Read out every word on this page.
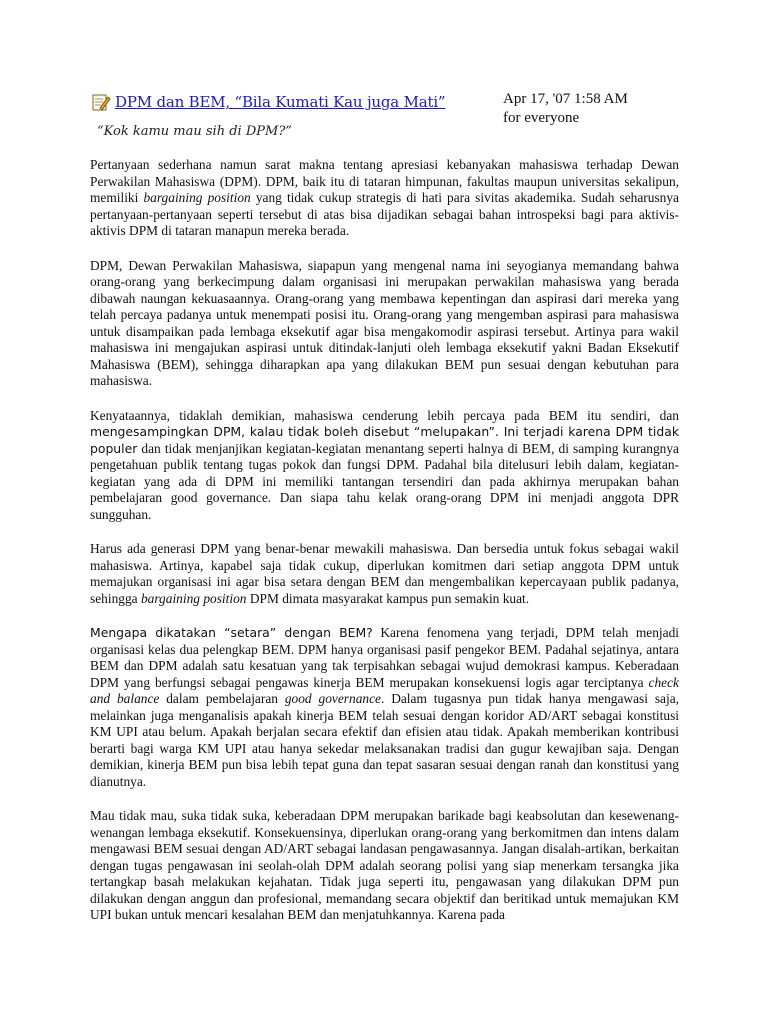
DPM dan BEM, “Bila Kumati Kau juga Mati”	Apr 17, '07 1:58 AM
for everyone
“Kok kamu mau sih di DPM?”

Pertanyaan sederhana namun sarat makna tentang apresiasi kebanyakan mahasiswa terhadap Dewan Perwakilan Mahasiswa (DPM). DPM, baik itu di tataran himpunan, fakultas maupun universitas sekalipun, memiliki bargaining position yang tidak cukup strategis di hati para sivitas akademika. Sudah seharusnya pertanyaan-pertanyaan seperti tersebut di atas bisa dijadikan sebagai bahan introspeksi bagi para aktivis-aktivis DPM di tataran manapun mereka berada.

DPM, Dewan Perwakilan Mahasiswa, siapapun yang mengenal nama ini seyogianya memandang bahwa orang-orang yang berkecimpung dalam organisasi ini merupakan perwakilan mahasiswa yang berada dibawah naungan kekuasaannya. Orang-orang yang membawa kepentingan dan aspirasi dari mereka yang telah percaya padanya untuk menempati posisi itu. Orang-orang yang mengemban aspirasi para mahasiswa untuk disampaikan pada lembaga eksekutif agar bisa mengakomodir aspirasi tersebut. Artinya para wakil mahasiswa ini mengajukan aspirasi untuk ditindak-lanjuti oleh lembaga eksekutif yakni Badan Eksekutif Mahasiswa (BEM), sehingga diharapkan apa yang dilakukan BEM pun sesuai dengan kebutuhan para mahasiswa.

Kenyataannya, tidaklah demikian, mahasiswa cenderung lebih percaya pada BEM itu sendiri, dan mengesampingkan DPM, kalau tidak boleh disebut “melupakan”. Ini terjadi karena DPM tidak populer dan tidak menjanjikan kegiatan-kegiatan menantang seperti halnya di BEM, di samping kurangnya pengetahuan publik tentang tugas pokok dan fungsi DPM. Padahal bila ditelusuri lebih dalam, kegiatan-kegiatan yang ada di DPM ini memiliki tantangan tersendiri dan pada akhirnya merupakan bahan pembelajaran good governance. Dan siapa tahu kelak orang-orang DPM ini menjadi anggota DPR sungguhan.

Harus ada generasi DPM yang benar-benar mewakili mahasiswa. Dan bersedia untuk fokus sebagai wakil mahasiswa. Artinya, kapabel saja tidak cukup, diperlukan komitmen dari setiap anggota DPM untuk memajukan organisasi ini agar bisa setara dengan BEM dan mengembalikan kepercayaan publik padanya, sehingga bargaining position DPM dimata masyarakat kampus pun semakin kuat.

Mengapa dikatakan “setara” dengan BEM? Karena fenomena yang terjadi, DPM telah menjadi organisasi kelas dua pelengkap BEM. DPM hanya organisasi pasif pengekor BEM. Padahal sejatinya, antara BEM dan DPM adalah satu kesatuan yang tak terpisahkan sebagai wujud demokrasi kampus. Keberadaan DPM yang berfungsi sebagai pengawas kinerja BEM merupakan konsekuensi logis agar terciptanya check and balance dalam pembelajaran good governance. Dalam tugasnya pun tidak hanya mengawasi saja, melainkan juga menganalisis apakah kinerja BEM telah sesuai dengan koridor AD/ART sebagai konstitusi KM UPI atau belum. Apakah berjalan secara efektif dan efisien atau tidak. Apakah memberikan kontribusi berarti bagi warga KM UPI atau hanya sekedar melaksanakan tradisi dan gugur kewajiban saja. Dengan demikian, kinerja BEM pun bisa lebih tepat guna dan tepat sasaran sesuai dengan ranah dan konstitusi yang dianutnya.

Mau tidak mau, suka tidak suka, keberadaan DPM merupakan barikade bagi keabsolutan dan kesewenang-wenangan lembaga eksekutif. Konsekuensinya, diperlukan orang-orang yang berkomitmen dan intens dalam mengawasi BEM sesuai dengan AD/ART sebagai landasan pengawasannya. Jangan disalah-artikan, berkaitan dengan tugas pengawasan ini seolah-olah DPM adalah seorang polisi yang siap menerkam tersangka jika tertangkap basah melakukan kejahatan. Tidak juga seperti itu, pengawasan yang dilakukan DPM pun dilakukan dengan anggun dan profesional, memandang secara objektif dan beritikad untuk memajukan KM UPI bukan untuk mencari kesalahan BEM dan menjatuhkannya. Karena pada
